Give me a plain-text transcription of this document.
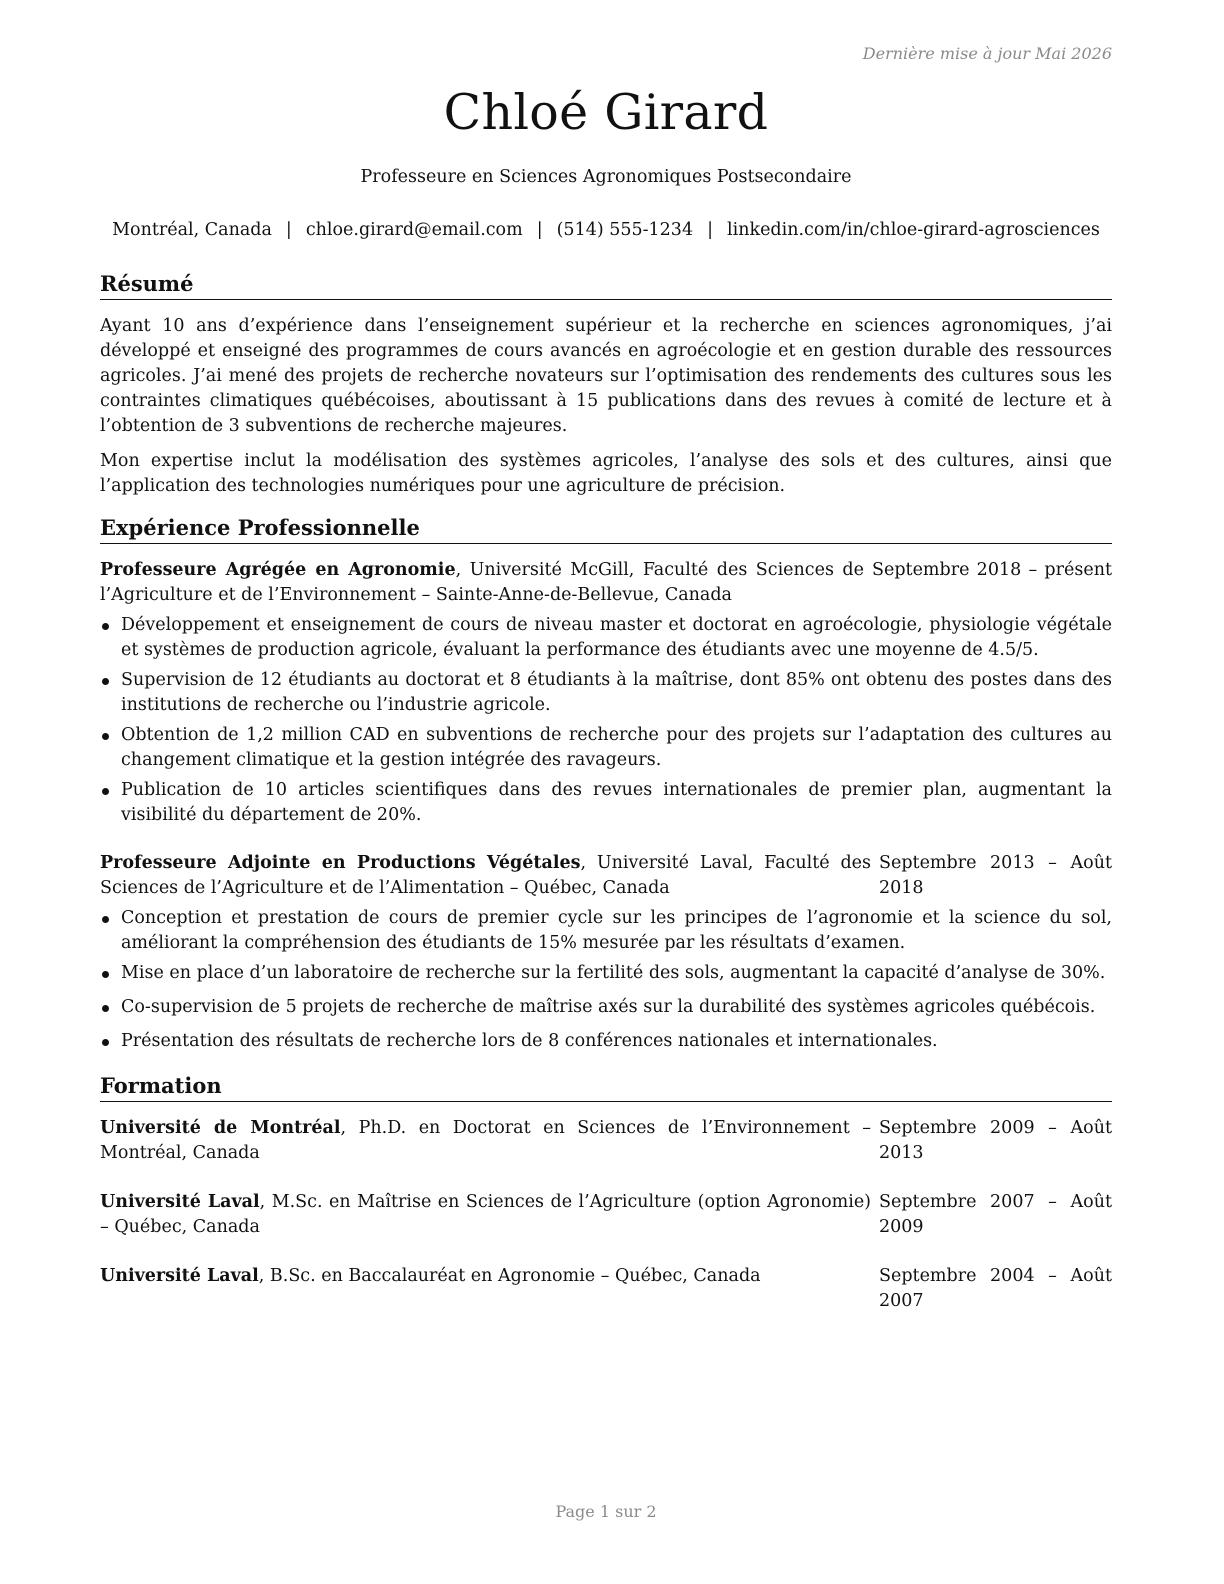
Dernière mise à jour Mai 2026
Chloé Girard
Professeure en Sciences Agronomiques Postsecondaire
Montréal, Canada | chloe.girard@email.com | (514) 555-1234 | linkedin.com/in/chloe-girard-agrosciences
Résumé

Ayant 10 ans d’expérience dans l’enseignement supérieur et la recherche en sciences agronomiques, j’ai développé et enseigné des programmes de cours avancés en agroécologie et en gestion durable des ressources agricoles. J’ai mené des projets de recherche novateurs sur l’optimisation des rendements des cultures sous les contraintes climatiques québécoises, aboutissant à 15 publications dans des revues à comité de lecture et à l’obtention de 3 subventions de recherche majeures.

Mon expertise inclut la modélisation des systèmes agricoles, l’analyse des sols et des cultures, ainsi que l’application des technologies numériques pour une agriculture de précision.

Expérience Professionnelle
Professeure Agrégée en Agronomie, Université McGill, Faculté des Sciences de l’Agriculture et de l’Environnement – Sainte-Anne-de-Bellevue, Canada
Septembre 2018 – présent
Développement et enseignement de cours de niveau master et doctorat en agroécologie, physiologie végétale et systèmes de production agricole, évaluant la performance des étudiants avec une moyenne de 4.5/5.
Supervision de 12 étudiants au doctorat et 8 étudiants à la maîtrise, dont 85% ont obtenu des postes dans des institutions de recherche ou l’industrie agricole.
Obtention de 1,2 million CAD en subventions de recherche pour des projets sur l’adaptation des cultures au changement climatique et la gestion intégrée des ravageurs.
Publication de 10 articles scientifiques dans des revues internationales de premier plan, augmentant la visibilité du département de 20%.
Professeure Adjointe en Productions Végétales, Université Laval, Faculté des Sciences de l’Agriculture et de l’Alimentation – Québec, Canada
Septembre 2013 – Août 2018
Conception et prestation de cours de premier cycle sur les principes de l’agronomie et la science du sol, améliorant la compréhension des étudiants de 15% mesurée par les résultats d’examen.
Mise en place d’un laboratoire de recherche sur la fertilité des sols, augmentant la capacité d’analyse de 30%.
Co-supervision de 5 projets de recherche de maîtrise axés sur la durabilité des systèmes agricoles québécois.
Présentation des résultats de recherche lors de 8 conférences nationales et internationales.
Formation
Université de Montréal, Ph.D. en Doctorat en Sciences de l’Environnement – Montréal, Canada
Septembre 2009 – Août 2013
Université Laval, M.Sc. en Maîtrise en Sciences de l’Agriculture (option Agronomie) – Québec, Canada
Septembre 2007 – Août 2009
Université Laval, B.Sc. en Baccalauréat en Agronomie – Québec, Canada	Septembre 2004 – Août 2007
Page 1 sur 2
